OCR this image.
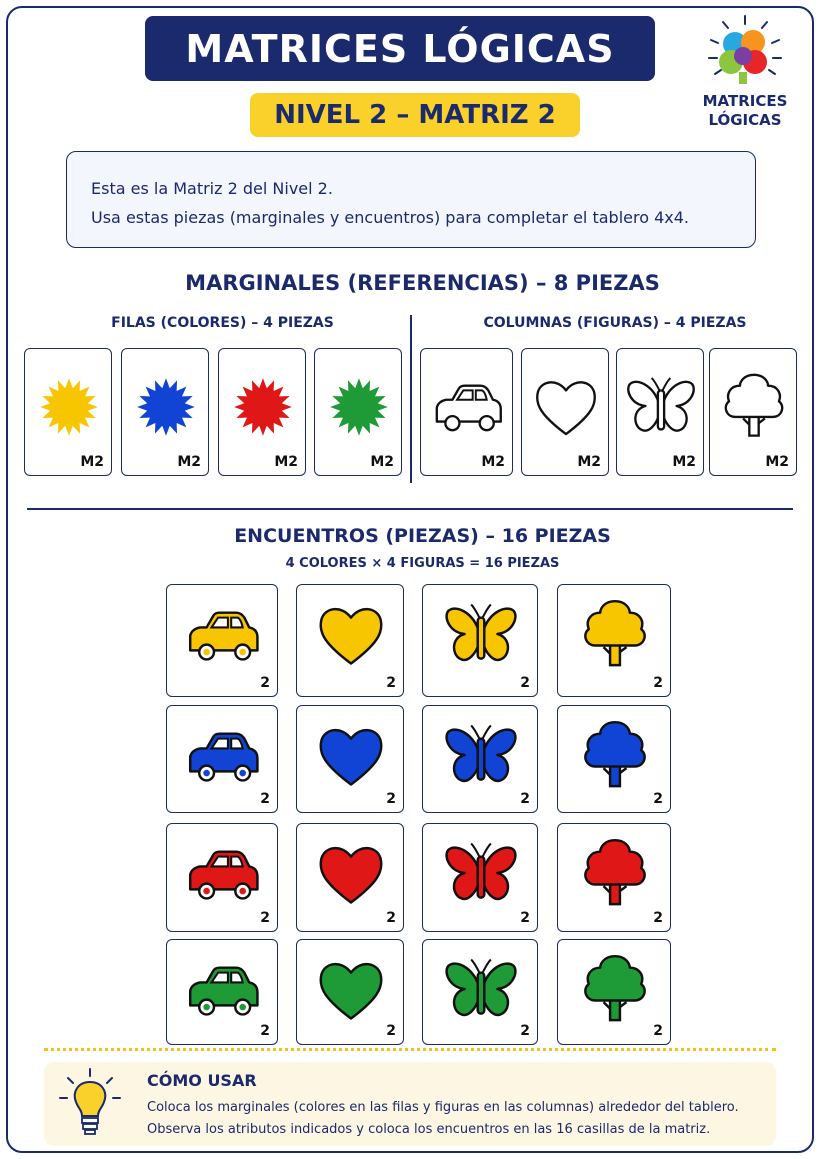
MATRICES LÓGICAS
NIVEL 2 – MATRIZ 2	MATRICES
LÓGICAS
Esta es la Matriz 2 del Nivel 2.
Usa estas piezas (marginales y encuentros) para completar el tablero 4x4.
MARGINALES (REFERENCIAS) – 8 PIEZAS
FILAS (COLORES) – 4 PIEZAS	COLUMNAS (FIGURAS) – 4 PIEZAS
M2	M2	M2	M2	M2	M2	M2	M2
ENCUENTROS (PIEZAS) – 16 PIEZAS
4 COLORES × 4 FIGURAS = 16 PIEZAS
2	2	2	2
2	2	2	2
2	2	2	2
2	2	2	2
CÓMO USAR
Coloca los marginales (colores en las filas y figuras en las columnas) alrededor del tablero.
Observa los atributos indicados y coloca los encuentros en las 16 casillas de la matriz.
